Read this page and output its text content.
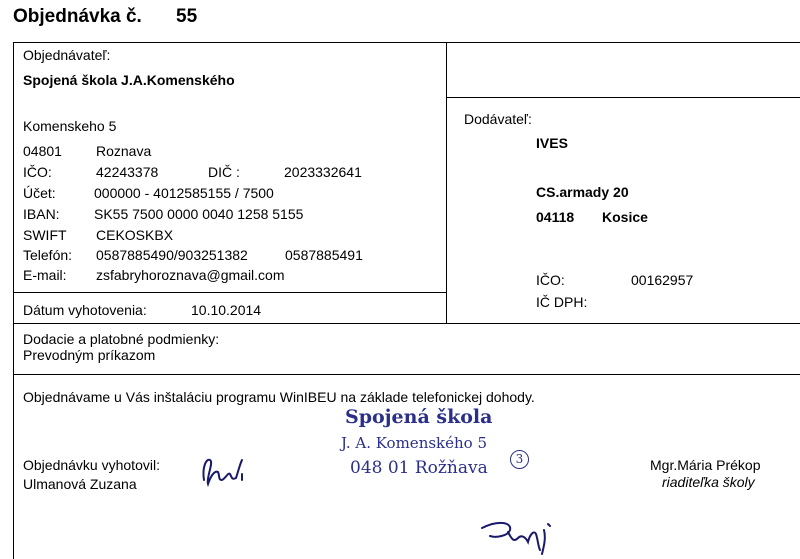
Objednávka č. 55
Objednávateľ:
Spojená škola J.A.Komenského
Komenskeho 5
04801 Roznava
IČO:	42243378	DIČ :	2023332641
Účet:	000000 - 4012585155 / 7500
IBAN: SK55 7500 0000 0040 1258 5155
SWIFT CEKOSKBX
Telefón: 0587885490/903251382	0587885491
E-mail: zsfabryhoroznava@gmail.com
Dátum vyhotovenia:	10.10.2014
Dodávateľ:
IVES
CS.armady 20
04118 Kosice
IČO:	00162957
IČ DPH:
Dodacie a platobné podmienky:
Prevodným príkazom
Objednávame u Vás inštaláciu programu WinIBEU na základe telefonickej dohody.
Spojená škola
J. A. Komenského 5
048 01 Rožňava	3
Objednávku vyhotovil:
Ulmanová Zuzana
Mgr.Mária Prékop
riaditeľka školy
